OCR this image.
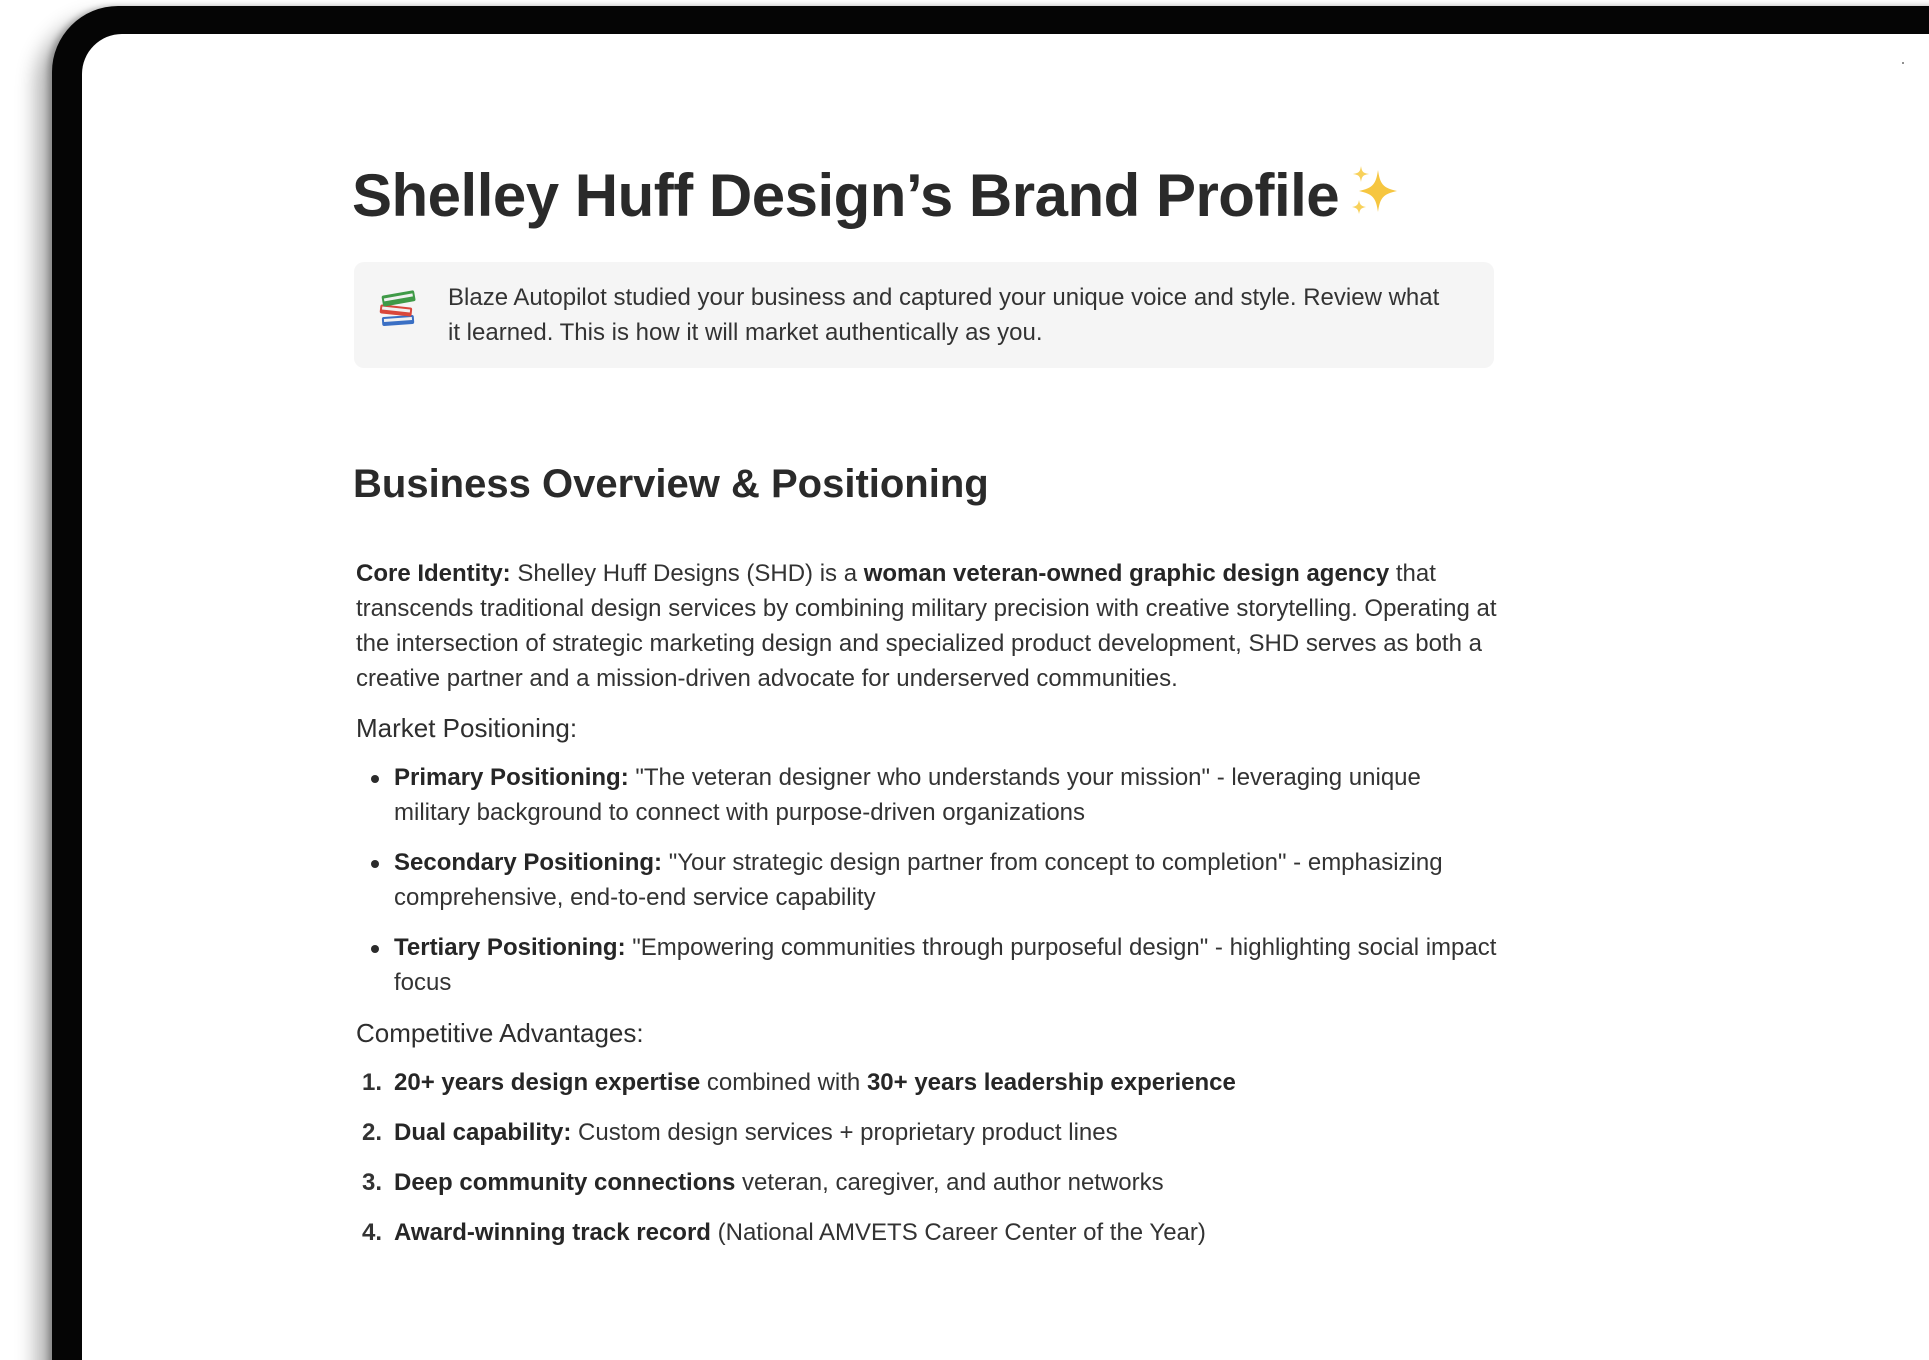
Shelley Huff Design’s Brand Profile
Blaze Autopilot studied your business and captured your unique voice and style. Review what it learned. This is how it will market authentically as you.
Business Overview & Positioning

Core Identity: Shelley Huff Designs (SHD) is a woman veteran-owned graphic design agency that transcends traditional design services by combining military precision with creative storytelling. Operating at the intersection of strategic marketing design and specialized product development, SHD serves as both a creative partner and a mission-driven advocate for underserved communities.

Market Positioning:
Primary Positioning: "The veteran designer who understands your mission" - leveraging unique military background to connect with purpose-driven organizations
Secondary Positioning: "Your strategic design partner from concept to completion" - emphasizing comprehensive, end-to-end service capability
Tertiary Positioning: "Empowering communities through purposeful design" - highlighting social impact focus
Competitive Advantages:
1. 20+ years design expertise combined with 30+ years leadership experience
2. Dual capability: Custom design services + proprietary product lines
3. Deep community connections veteran, caregiver, and author networks
4. Award-winning track record (National AMVETS Career Center of the Year)
